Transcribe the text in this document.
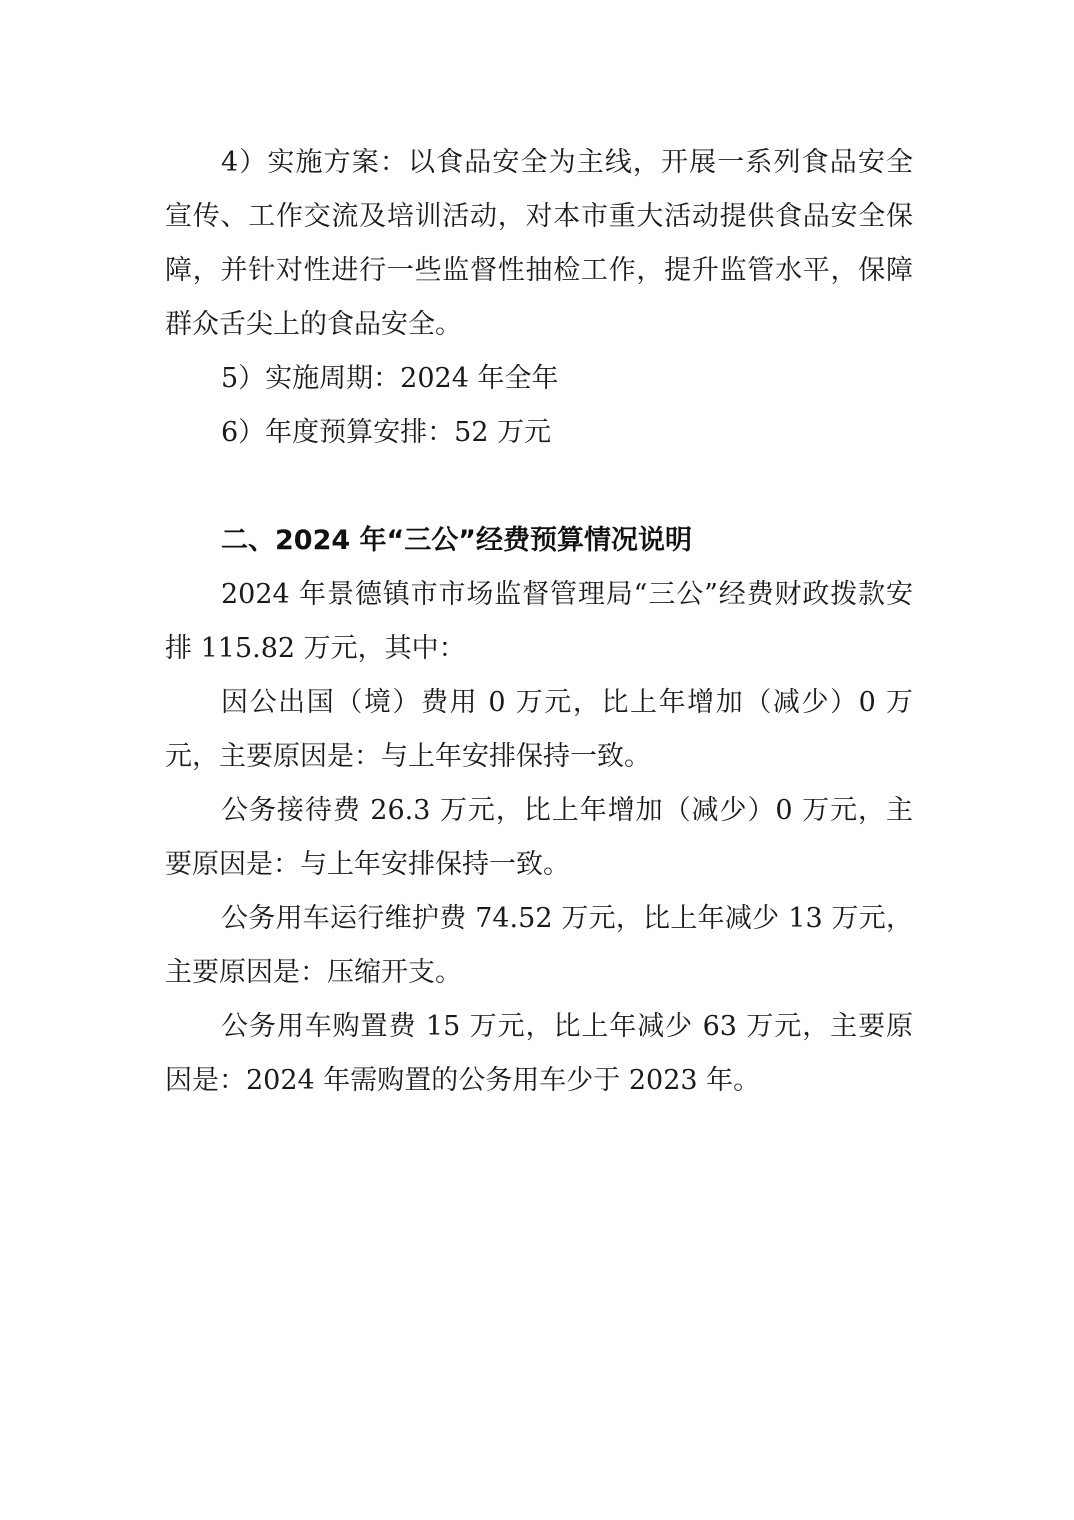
4）实施方案：以食品安全为主线，开展一系列食品安全宣传、工作交流及培训活动，对本市重大活动提供食品安全保障，并针对性进行一些监督性抽检工作，提升监管水平，保障群众舌尖上的食品安全。

5）实施周期：2024 年全年

6）年度预算安排：52 万元

二、2024 年“三公”经费预算情况说明

2024 年景德镇市市场监督管理局“三公”经费财政拨款安排 115.82 万元，其中：

因公出国（境）费用 0 万元，比上年增加（减少）0 万元，主要原因是：与上年安排保持一致。

公务接待费 26.3 万元，比上年增加（减少）0 万元，主要原因是：与上年安排保持一致。

公务用车运行维护费 74.52 万元，比上年减少 13 万元，主要原因是：压缩开支。

公务用车购置费 15 万元，比上年减少 63 万元，主要原因是：2024 年需购置的公务用车少于 2023 年。
